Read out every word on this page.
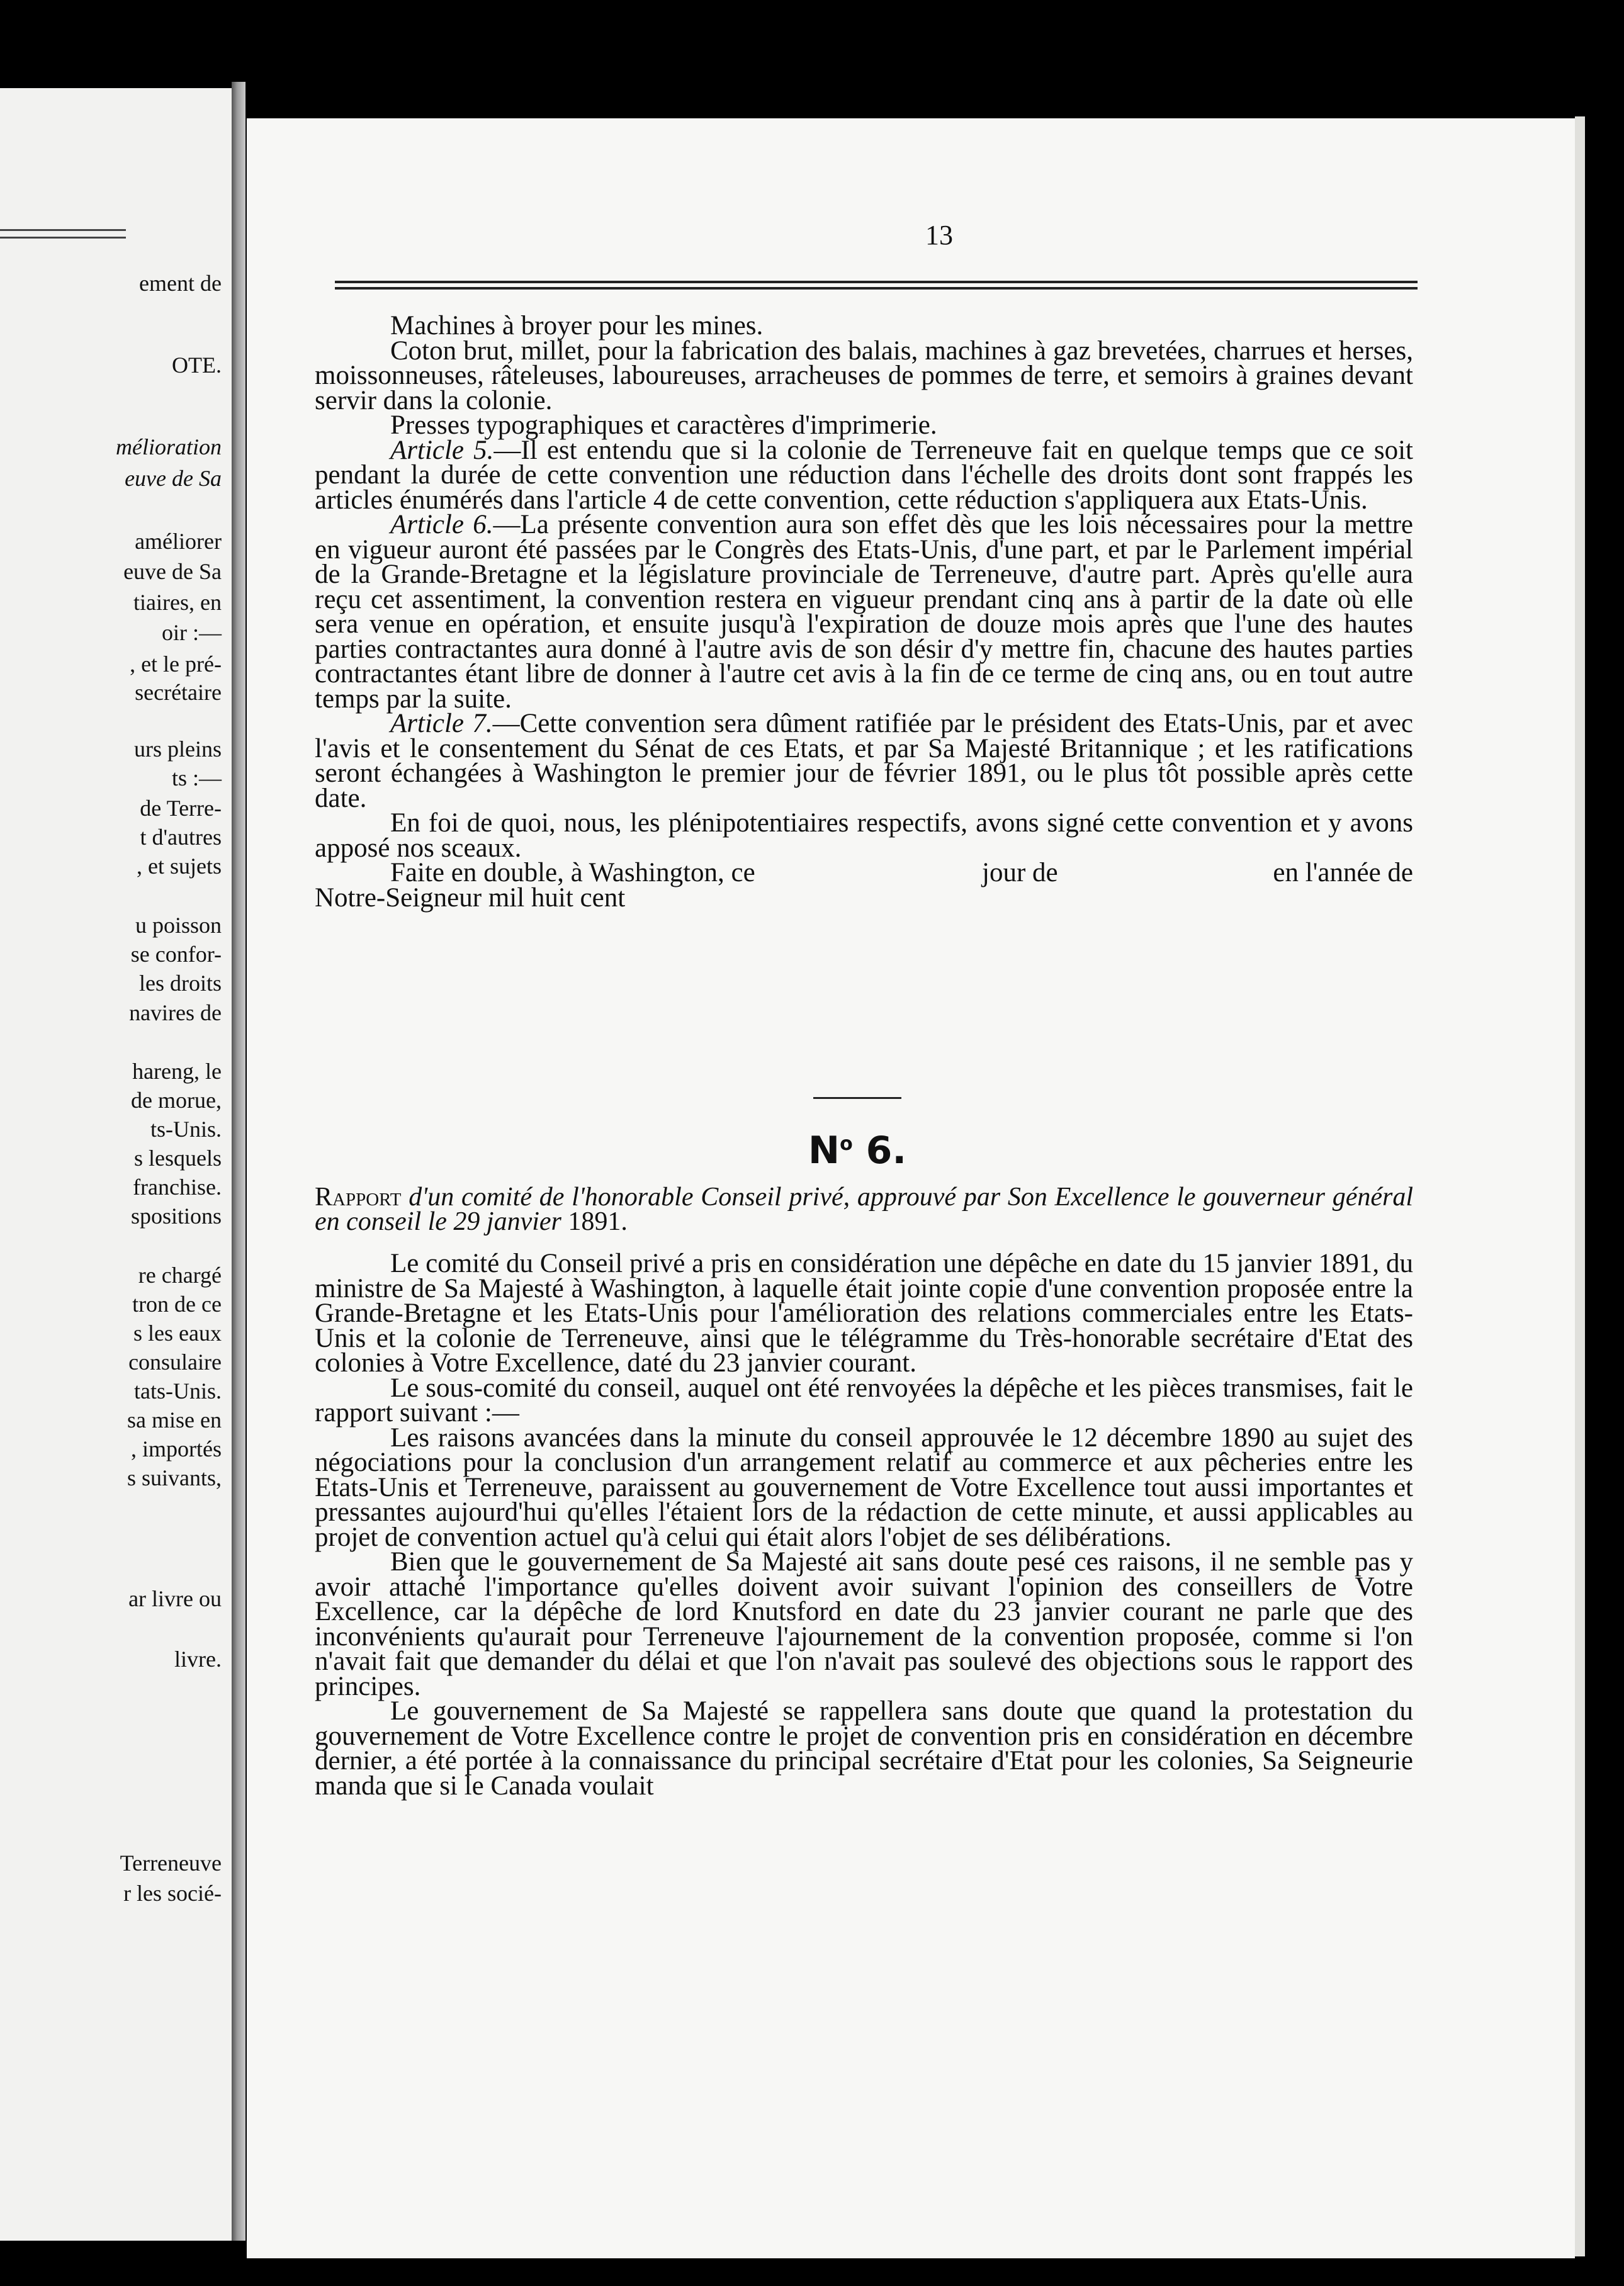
ement de
OTE.
mélioration
euve de Sa
améliorer
euve de Sa
tiaires, en
oir :—
, et le pré-
secrétaire
urs pleins
ts :—
de Terre-
t d'autres
, et sujets
u poisson
se confor-
les droits
navires de
hareng, le
de morue,
ts-Unis.
s lesquels
franchise.
spositions
re chargé
tron de ce
s les eaux
consulaire
tats-Unis.
sa mise en
, importés
s suivants,
ar livre ou
livre.
Terreneuve
r les socié-
13

Machines à broyer pour les mines.

Coton brut, millet, pour la fabrication des balais, machines à gaz brevetées, charrues et herses, moissonneuses, râteleuses, laboureuses, arracheuses de pommes de terre, et semoirs à graines devant servir dans la colonie.

Presses typographiques et caractères d'imprimerie.

Article 5.—Il est entendu que si la colonie de Terreneuve fait en quelque temps que ce soit pendant la durée de cette convention une réduction dans l'échelle des droits dont sont frappés les articles énumérés dans l'article 4 de cette convention, cette réduction s'appliquera aux Etats-Unis.

Article 6.—La présente convention aura son effet dès que les lois nécessaires pour la mettre en vigueur auront été passées par le Congrès des Etats-Unis, d'une part, et par le Parlement impérial de la Grande-Bretagne et la législature provinciale de Terreneuve, d'autre part. Après qu'elle aura reçu cet assentiment, la convention restera en vigueur prendant cinq ans à partir de la date où elle sera venue en opération, et ensuite jusqu'à l'expiration de douze mois après que l'une des hautes parties contractantes aura donné à l'autre avis de son désir d'y mettre fin, chacune des hautes parties contractantes étant libre de donner à l'autre cet avis à la fin de ce terme de cinq ans, ou en tout autre temps par la suite.

Article 7.—Cette convention sera dûment ratifiée par le président des Etats-Unis, par et avec l'avis et le consentement du Sénat de ces Etats, et par Sa Majesté Britannique ; et les ratifications seront échangées à Washington le premier jour de février 1891, ou le plus tôt possible après cette date.

En foi de quoi, nous, les plénipotentiaires respectifs, avons signé cette convention et y avons apposé nos sceaux.

Faite en double, à Washington, ce	jour de	en l'année de

Notre-Seigneur mil huit cent

$N^o$ 6.
Rapport d'un comité de l'honorable Conseil privé, approuvé par Son Excellence le gouverneur général en conseil le 29 janvier 1891.

Le comité du Conseil privé a pris en considération une dépêche en date du 15 janvier 1891, du ministre de Sa Majesté à Washington, à laquelle était jointe copie d'une convention proposée entre la Grande-Bretagne et les Etats-Unis pour l'amélioration des relations commerciales entre les Etats-Unis et la colonie de Terreneuve, ainsi que le télégramme du Très-honorable secrétaire d'Etat des colonies à Votre Excellence, daté du 23 janvier courant.

Le sous-comité du conseil, auquel ont été renvoyées la dépêche et les pièces transmises, fait le rapport suivant :—

Les raisons avancées dans la minute du conseil approuvée le 12 décembre 1890 au sujet des négociations pour la conclusion d'un arrangement relatif au commerce et aux pêcheries entre les Etats-Unis et Terreneuve, paraissent au gouvernement de Votre Excellence tout aussi importantes et pressantes aujourd'hui qu'elles l'étaient lors de la rédaction de cette minute, et aussi applicables au projet de convention actuel qu'à celui qui était alors l'objet de ses délibérations.

Bien que le gouvernement de Sa Majesté ait sans doute pesé ces raisons, il ne semble pas y avoir attaché l'importance qu'elles doivent avoir suivant l'opinion des conseillers de Votre Excellence, car la dépêche de lord Knutsford en date du 23 janvier courant ne parle que des inconvénients qu'aurait pour Terreneuve l'ajournement de la convention proposée, comme si l'on n'avait fait que demander du délai et que l'on n'avait pas soulevé des objections sous le rapport des principes.

Le gouvernement de Sa Majesté se rappellera sans doute que quand la protestation du gouvernement de Votre Excellence contre le projet de convention pris en considération en décembre dernier, a été portée à la connaissance du principal secrétaire d'Etat pour les colonies, Sa Seigneurie manda que si le Canada voulait
